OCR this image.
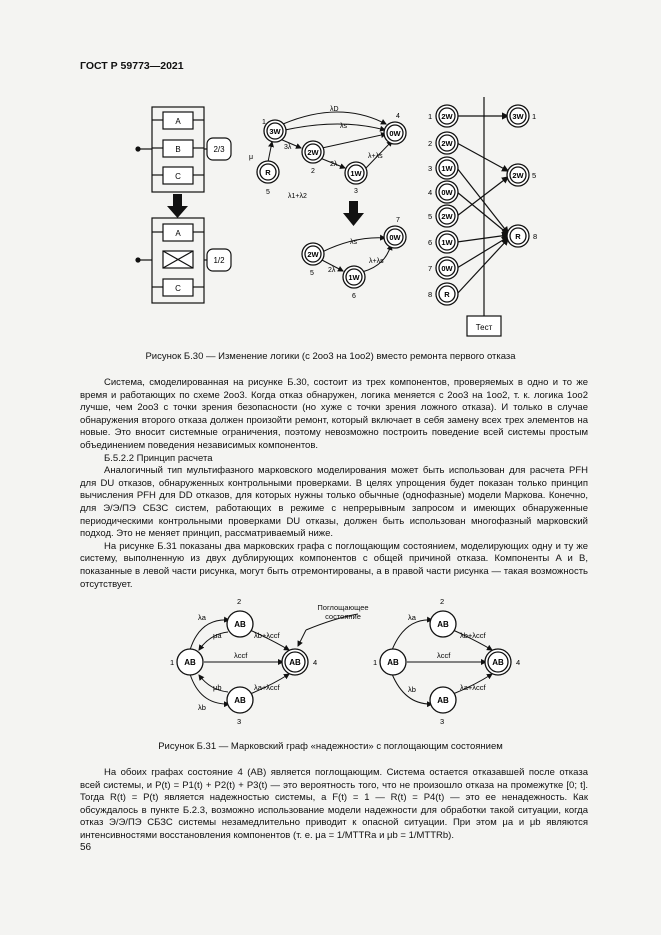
ГОСТ Р 59773—2021
A
B
C
2/3
A
C
1/2
3W
2W
1W
0W
R
1
2
3
4
5
λD
λs
3λ
2λ
λ+λs
μ
λ1+λ2
2W
1W
0W
5
6
7
λs
2λ
λ+λs
2W
2W
1W
0W
2W
1W
0W
R
3W
2W
R
1
2
3
4
5
6
7
8
1
5
8
Тест
Рисунок Б.30 — Изменение логики (с 2оо3 на 1оо2) вместо ремонта первого отказа

Система, смоделированная на рисунке Б.30, состоит из трех компонентов, проверяемых в одно и то же время и работающих по схеме 2оо3. Когда отказ обнаружен, логика меняется с 2оо3 на 1оо2, т. к. логика 1оо2 лучше, чем 2оо3 с точки зрения безопасности (но хуже с точки зрения ложного отказа). И только в случае обнаружения второго отказа должен произойти ремонт, который включает в себя замену всех трех элементов на новые. Это вносит системные ограничения, поэтому невозможно построить поведение всей системы простым объединением поведения независимых компонентов.

Б.5.2.2 Принцип расчета

Аналогичный тип мультифазного марковского моделирования может быть использован для расчета PFH для DU отказов, обнаруженных контрольными проверками. В целях упрощения будет показан только принцип вычисления PFH для DD отказов, для которых нужны только обычные (однофазные) модели Маркова. Конечно, для Э/Э/ПЭ СБЗС систем, работающих в режиме с непрерывным запросом и имеющих обнаруженные периодическими контрольными проверками DU отказы, должен быть использован многофазный марковский подход. Это не меняет принцип, рассматриваемый ниже.

На рисунке Б.31 показаны два марковских графа с поглощающим состоянием, моделирующих одну и ту же систему, выполненную из двух дублирующих компонентов с общей причиной отказа. Компоненты A и B, показанные в левой части рисунка, могут быть отремонтированы, а в правой части рисунка — такая возможность отсутствует.

AB
AB
AB
AB	AB
AB
AB
AB
1
2
3
4	1
2
3
4
λa
μa
λccf
λb+λccf
λb
μb	λa+λccf
λa
λccf
λb+λccf
λb	λa+λccf
Поглощающее состояние
Рисунок Б.31 — Марковский граф «надежности» с поглощающим состоянием

На обоих графах состояние 4 (AB) является поглощающим. Система остается отказавшей после отказа всей системы, и P(t) = P1(t) + P2(t) + P3(t) — это вероятность того, что не произошло отказа на промежутке [0; t]. Тогда R(t) = P(t) является надежностью системы, а F(t) = 1 — R(t) = P4(t) — это ее ненадежность. Как обсуждалось в пункте Б.2.3, возможно использование модели надежности для обработки такой ситуации, когда отказ Э/Э/ПЭ СБЗС системы незамедлительно приводит к опасной ситуации. При этом μa и μb являются интенсивностями восстановления компонентов (т. е. μa = 1/MTTRa и μb = 1/MTTRb).

56
